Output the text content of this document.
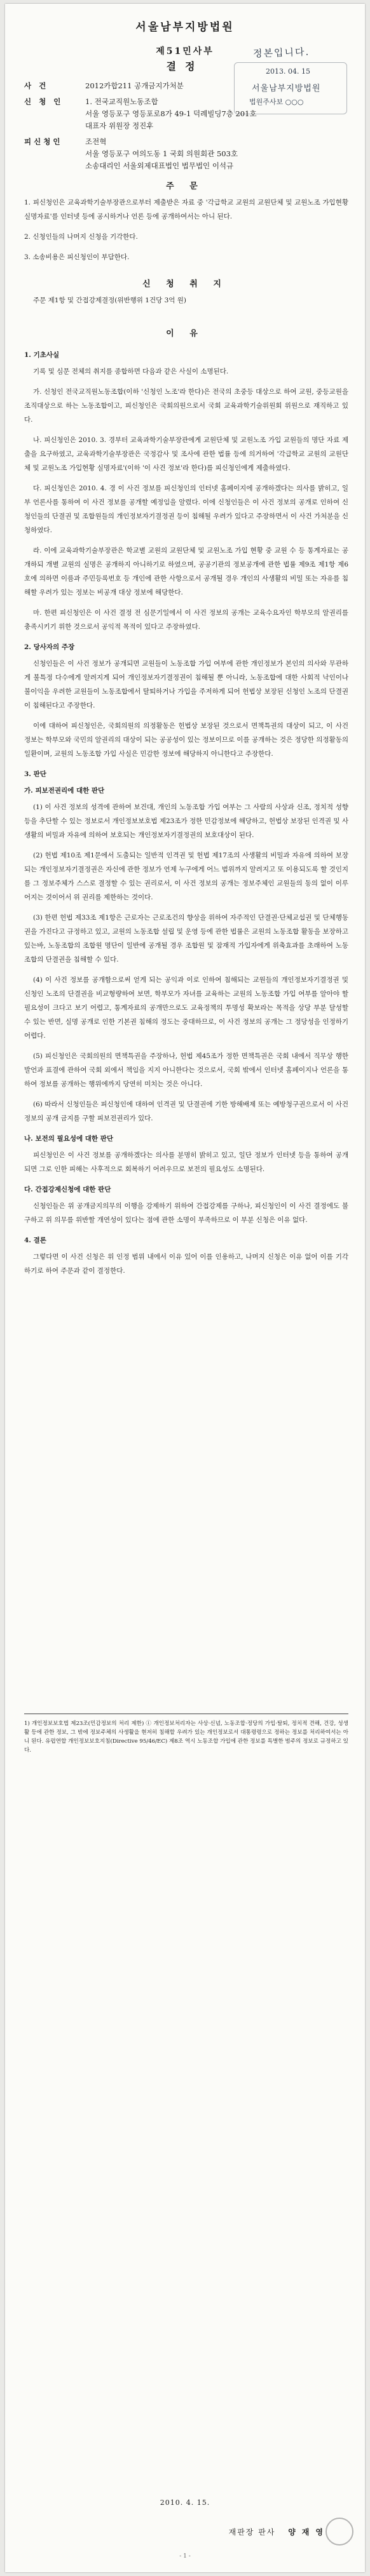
서울남부지방법원
제51민사부
결정
정본입니다.
2013. 04. 15
서울남부지방법원
법원주사보 ○○○
사 건	2012카합211 공개금지가처분
신 청 인	1. 전국교직원노동조합
서울 영등포구 영등포로8가 49-1 덕례빌딩7층 201호
대표자 위원장 정진후
피신청인	조전혁
서울 영등포구 여의도동 1 국회 의원회관 503호
소송대리인 서울외제대표법인 법무법인 이석규
주 문

1. 피신청인은 교육과학기술부장관으로부터 제출받은 자료 중 '각급학교 교원의 교원단체 및 교원노조 가입현황 실명자료'를 인터넷 등에 공시하거나 언론 등에 공개하여서는 아니 된다.

2. 신청인들의 나머지 신청을 기각한다.

3. 소송비용은 피신청인이 부담한다.

신 청 취 지

주문 제1항 및 간접강제결정(위반행위 1건당 3억 원)

이 유

1. 기초사실

기록 및 심문 전체의 취지를 종합하면 다음과 같은 사실이 소명된다.

가. 신청인 전국교직원노동조합(이하 '신청인 노조'라 한다)은 전국의 초중등 대상으로 하여 교원, 중등교원을 조직대상으로 하는 노동조합이고, 피신청인은 국회의원으로서 국회 교육과학기술위원회 위원으로 재직하고 있다.

나. 피신청인은 2010. 3. 경부터 교육과학기술부장관에게 교원단체 및 교원노조 가입 교원들의 명단 자료 제출을 요구하였고, 교육과학기술부장관은 국정감사 및 조사에 관한 법률 등에 의거하여 '각급학교 교원의 교원단체 및 교원노조 가입현황 실명자료'(이하 '이 사건 정보'라 한다)를 피신청인에게 제출하였다.

다. 피신청인은 2010. 4. 경 이 사건 정보를 피신청인의 인터넷 홈페이지에 공개하겠다는 의사를 밝히고, 일부 언론사를 통하여 이 사건 정보를 공개할 예정임을 알렸다. 이에 신청인들은 이 사건 정보의 공개로 인하여 신청인들의 단결권 및 조합원들의 개인정보자기결정권 등이 침해될 우려가 있다고 주장하면서 이 사건 가처분을 신청하였다.

라. 이에 교육과학기술부장관은 학교별 교원의 교원단체 및 교원노조 가입 현황 중 교원 수 등 통계자료는 공개하되 개별 교원의 실명은 공개하지 아니하기로 하였으며, 공공기관의 정보공개에 관한 법률 제9조 제1항 제6호에 의하면 이름과 주민등록번호 등 개인에 관한 사항으로서 공개될 경우 개인의 사생활의 비밀 또는 자유를 침해할 우려가 있는 정보는 비공개 대상 정보에 해당한다.

마. 한편 피신청인은 이 사건 결정 전 심문기일에서 이 사건 정보의 공개는 교육수요자인 학부모의 알권리를 충족시키기 위한 것으로서 공익적 목적이 있다고 주장하였다.

2. 당사자의 주장

신청인들은 이 사건 정보가 공개되면 교원들이 노동조합 가입 여부에 관한 개인정보가 본인의 의사와 무관하게 불특정 다수에게 알려지게 되어 개인정보자기결정권이 침해될 뿐 아니라, 노동조합에 대한 사회적 낙인이나 불이익을 우려한 교원들이 노동조합에서 탈퇴하거나 가입을 주저하게 되어 헌법상 보장된 신청인 노조의 단결권이 침해된다고 주장한다.

이에 대하여 피신청인은, 국회의원의 의정활동은 헌법상 보장된 것으로서 면책특권의 대상이 되고, 이 사건 정보는 학부모와 국민의 알권리의 대상이 되는 공공성이 있는 정보이므로 이를 공개하는 것은 정당한 의정활동의 일환이며, 교원의 노동조합 가입 사실은 민감한 정보에 해당하지 아니한다고 주장한다.

3. 판단

가. 피보전권리에 대한 판단

(1) 이 사건 정보의 성격에 관하여 보건대, 개인의 노동조합 가입 여부는 그 사람의 사상과 신조, 정치적 성향 등을 추단할 수 있는 정보로서 개인정보보호법 제23조가 정한 민감정보에 해당하고, 헌법상 보장된 인격권 및 사생활의 비밀과 자유에 의하여 보호되는 개인정보자기결정권의 보호대상이 된다.

(2) 헌법 제10조 제1문에서 도출되는 일반적 인격권 및 헌법 제17조의 사생활의 비밀과 자유에 의하여 보장되는 개인정보자기결정권은 자신에 관한 정보가 언제 누구에게 어느 범위까지 알려지고 또 이용되도록 할 것인지를 그 정보주체가 스스로 결정할 수 있는 권리로서, 이 사건 정보의 공개는 정보주체인 교원들의 동의 없이 이루어지는 것이어서 위 권리를 제한하는 것이다.

(3) 한편 헌법 제33조 제1항은 근로자는 근로조건의 향상을 위하여 자주적인 단결권·단체교섭권 및 단체행동권을 가진다고 규정하고 있고, 교원의 노동조합 설립 및 운영 등에 관한 법률은 교원의 노동조합 활동을 보장하고 있는바, 노동조합의 조합원 명단이 일반에 공개될 경우 조합원 및 잠재적 가입자에게 위축효과를 초래하여 노동조합의 단결권을 침해할 수 있다.

(4) 이 사건 정보를 공개함으로써 얻게 되는 공익과 이로 인하여 침해되는 교원들의 개인정보자기결정권 및 신청인 노조의 단결권을 비교형량하여 보면, 학부모가 자녀를 교육하는 교원의 노동조합 가입 여부를 알아야 할 필요성이 크다고 보기 어렵고, 통계자료의 공개만으로도 교육정책의 투명성 확보라는 목적을 상당 부분 달성할 수 있는 반면, 실명 공개로 인한 기본권 침해의 정도는 중대하므로, 이 사건 정보의 공개는 그 정당성을 인정하기 어렵다.

(5) 피신청인은 국회의원의 면책특권을 주장하나, 헌법 제45조가 정한 면책특권은 국회 내에서 직무상 행한 발언과 표결에 관하여 국회 외에서 책임을 지지 아니한다는 것으로서, 국회 밖에서 인터넷 홈페이지나 언론을 통하여 정보를 공개하는 행위에까지 당연히 미치는 것은 아니다.

(6) 따라서 신청인들은 피신청인에 대하여 인격권 및 단결권에 기한 방해배제 또는 예방청구권으로서 이 사건 정보의 공개 금지를 구할 피보전권리가 있다.

나. 보전의 필요성에 대한 판단

피신청인은 이 사건 정보를 공개하겠다는 의사를 분명히 밝히고 있고, 일단 정보가 인터넷 등을 통하여 공개되면 그로 인한 피해는 사후적으로 회복하기 어려우므로 보전의 필요성도 소명된다.

다. 간접강제신청에 대한 판단

신청인들은 위 공개금지의무의 이행을 강제하기 위하여 간접강제를 구하나, 피신청인이 이 사건 결정에도 불구하고 위 의무를 위반할 개연성이 있다는 점에 관한 소명이 부족하므로 이 부분 신청은 이유 없다.

4. 결론

그렇다면 이 사건 신청은 위 인정 범위 내에서 이유 있어 이를 인용하고, 나머지 신청은 이유 없어 이를 기각하기로 하여 주문과 같이 결정한다.

1) 개인정보보호법 제23조(민감정보의 처리 제한) ① 개인정보처리자는 사상·신념, 노동조합·정당의 가입·탈퇴, 정치적 견해, 건강, 성생활 등에 관한 정보, 그 밖에 정보주체의 사생활을 현저히 침해할 우려가 있는 개인정보로서 대통령령으로 정하는 정보를 처리하여서는 아니 된다. 유럽연합 개인정보보호지침(Directive 95/46/EC) 제8조 역시 노동조합 가입에 관한 정보를 특별한 범주의 정보로 규정하고 있다.
2010. 4. 15.
재판장 판사 양재영
- 1 -
